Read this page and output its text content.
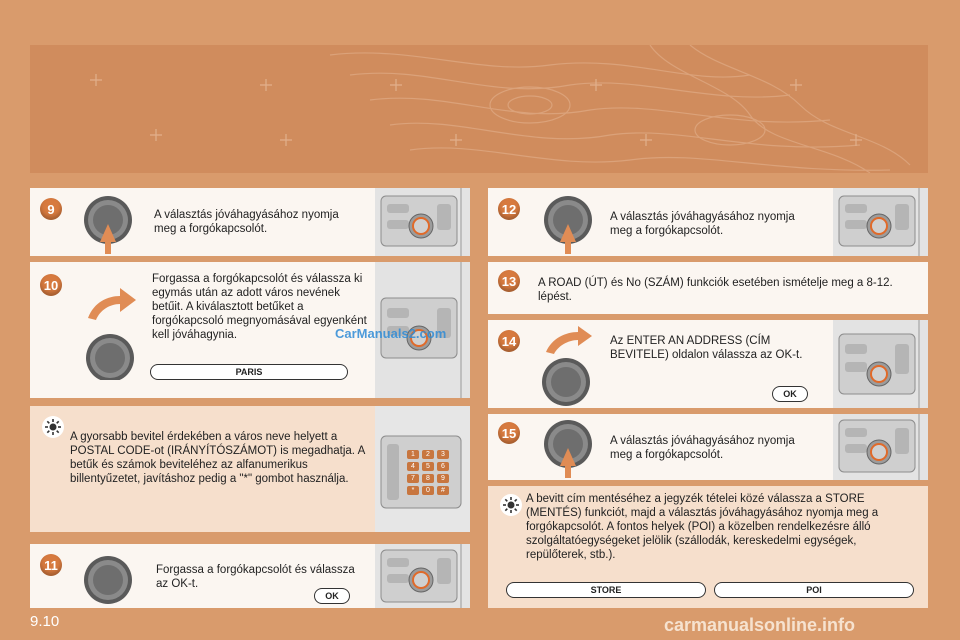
9	A választás jóváhagyásához nyomja meg a forgókapcsolót.
10	Forgassa a forgókapcsolót és válassza ki egymás után az adott város nevének betűit. A kiválasztott betűket a forgókapcsoló megnyomásával egyenként kell jóváhagynia.
PARIS
CarManuals2.com
A gyorsabb bevitel érdekében a város neve helyett a POSTAL CODE-ot (IRÁNYÍTÓSZÁMOT) is megadhatja. A betűk és számok beviteléhez az alfanumerikus billentyűzetet, javításhoz pedig a "*" gombot használja.
1	2	3
4	5	6
7	8	9
*	0	#
11	Forgassa a forgókapcsolót és válassza az OK-t.
OK
12
A választás jóváhagyásához nyomja meg a forgókapcsolót.
13	A ROAD (ÚT) és No (SZÁM) funkciók esetében ismételje meg a 8-12. lépést.
14	Az ENTER AN ADDRESS (CÍM BEVITELE) oldalon válassza az OK-t.
OK
15
A választás jóváhagyásához nyomja meg a forgókapcsolót.
A bevitt cím mentéséhez a jegyzék tételei közé válassza a STORE (MENTÉS) funkciót, majd a választás jóváhagyásához nyomja meg a forgókapcsolót. A fontos helyek (POI) a közelben rendelkezésre álló szolgáltatóegységeket jelölik (szállodák, kereskedelmi egységek, repülőterek, stb.).
STORE	POI
9.10	carmanualsonline.info
